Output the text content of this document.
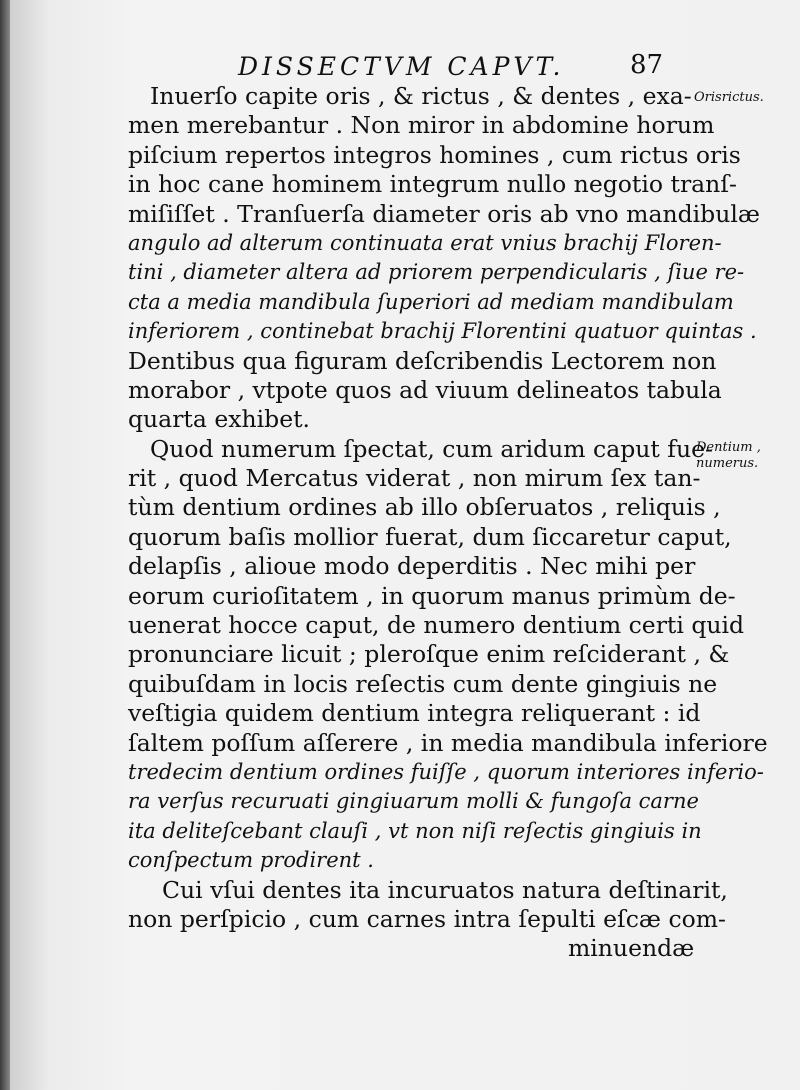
DISSECTVM CAPVT.	87
Inuerſo capite oris , & rictus , & dentes , exa-
men merebantur . Non miror in abdomine horum
piſcium repertos integros homines , cum rictus oris
in hoc cane hominem integrum nullo negotio tranſ-
miſiſſet . Tranſuerſa diameter oris ab vno mandibulæ
angulo ad alterum continuata erat vnius brachij Floren-
tini , diameter altera ad priorem perpendicularis , ſiue re-
cta a media mandibula ſuperiori ad mediam mandibulam
inferiorem , continebat brachij Florentini quatuor quintas .
Dentibus qua figuram deſcribendis Lectorem non
morabor , vtpote quos ad viuum delineatos tabula
quarta exhibet.
Quod numerum ſpectat, cum aridum caput fue-
rit , quod Mercatus viderat , non mirum ſex tan-
tùm dentium ordines ab illo obſeruatos , reliquis ,
quorum baſis mollior fuerat, dum ſiccaretur caput,
delapſis , alioue modo deperditis . Nec mihi per
eorum curioſitatem , in quorum manus primùm de-
uenerat hocce caput, de numero dentium certi quid
pronunciare licuit ; pleroſque enim reſciderant , &
quibuſdam in locis reſectis cum dente gingiuis ne
veſtigia quidem dentium integra reliquerant : id
ſaltem poſſum aſſerere , in media mandibula inferiore
tredecim dentium ordines fuiſſe , quorum interiores inferio-
ra verſus recuruati gingiuarum molli & fungoſa carne
ita deliteſcebant clauſi , vt non niſi reſectis gingiuis in
conſpectum prodirent .
Cui vſui dentes ita incuruatos natura deſtinarit,
non perſpicio , cum carnes intra ſepulti eſcæ com-
minuendæ
Orisrictus.
Dentium ,
numerus.
